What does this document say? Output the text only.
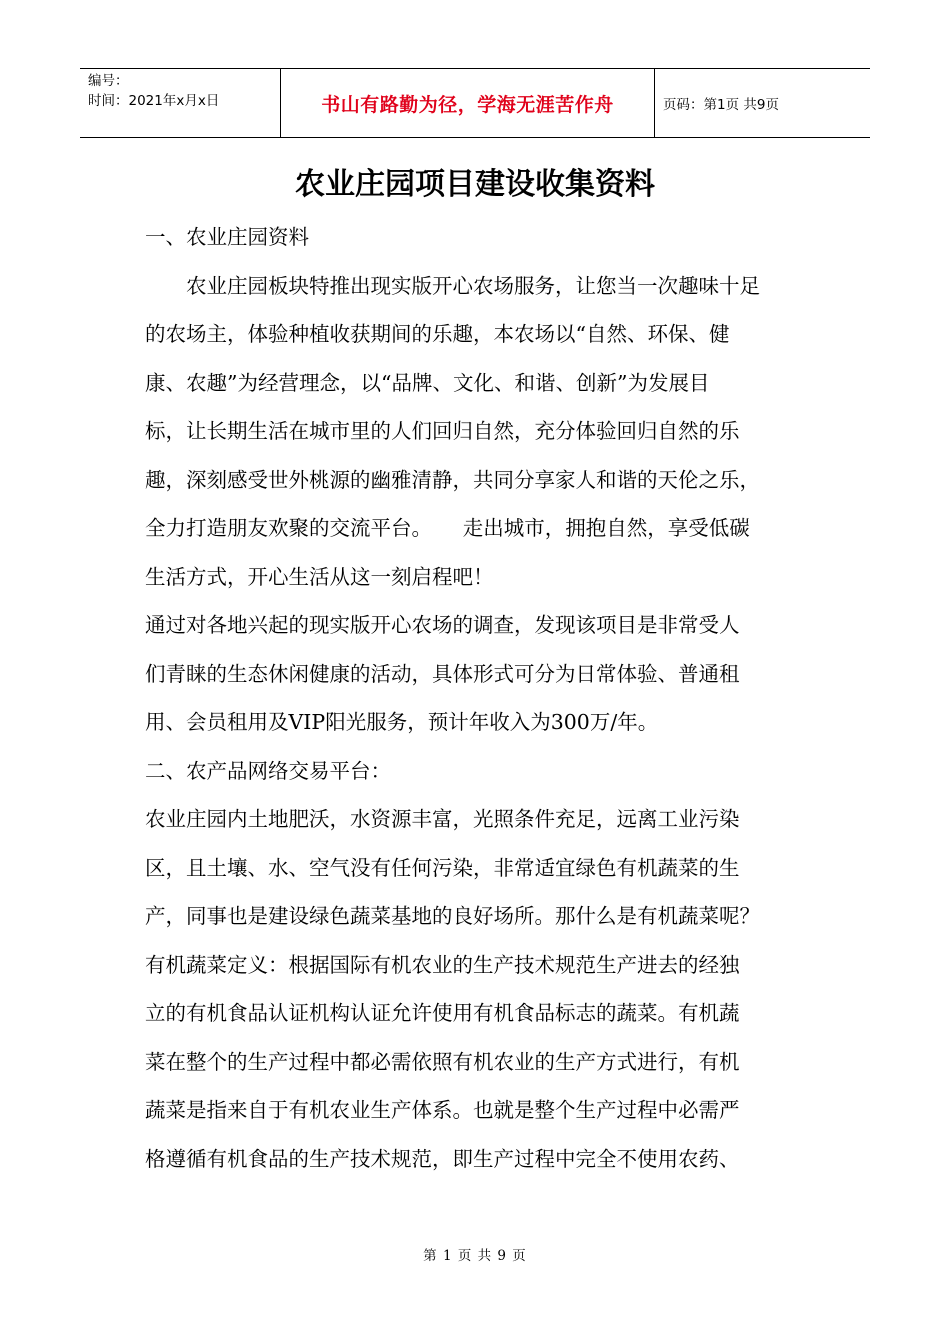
编号：
时间：2021年x月x日	书山有路勤为径，学海无涯苦作舟	页码：第1页 共9页
农业庄园项目建设收集资料
一、农业庄园资料
　　农业庄园板块特推出现实版开心农场服务，让您当一次趣味十足
的农场主，体验种植收获期间的乐趣，本农场以“自然、环保、健
康、农趣”为经营理念，以“品牌、文化、和谐、创新”为发展目
标，让长期生活在城市里的人们回归自然，充分体验回归自然的乐
趣，深刻感受世外桃源的幽雅清静，共同分享家人和谐的天伦之乐，
全力打造朋友欢聚的交流平台。　　走出城市，拥抱自然，享受低碳
生活方式，开心生活从这一刻启程吧！
通过对各地兴起的现实版开心农场的调查，发现该项目是非常受人
们青睐的生态休闲健康的活动，具体形式可分为日常体验、普通租
用、会员租用及VIP阳光服务，预计年收入为300万/年。
二、农产品网络交易平台：
农业庄园内土地肥沃，水资源丰富，光照条件充足，远离工业污染
区，且土壤、水、空气没有任何污染，非常适宜绿色有机蔬菜的生
产，同事也是建设绿色蔬菜基地的良好场所。那什么是有机蔬菜呢？
有机蔬菜定义：根据国际有机农业的生产技术规范生产进去的经独
立的有机食品认证机构认证允许使用有机食品标志的蔬菜。有机蔬
菜在整个的生产过程中都必需依照有机农业的生产方式进行，有机
蔬菜是指来自于有机农业生产体系。也就是整个生产过程中必需严
格遵循有机食品的生产技术规范，即生产过程中完全不使用农药、
第 1 页 共 9 页
